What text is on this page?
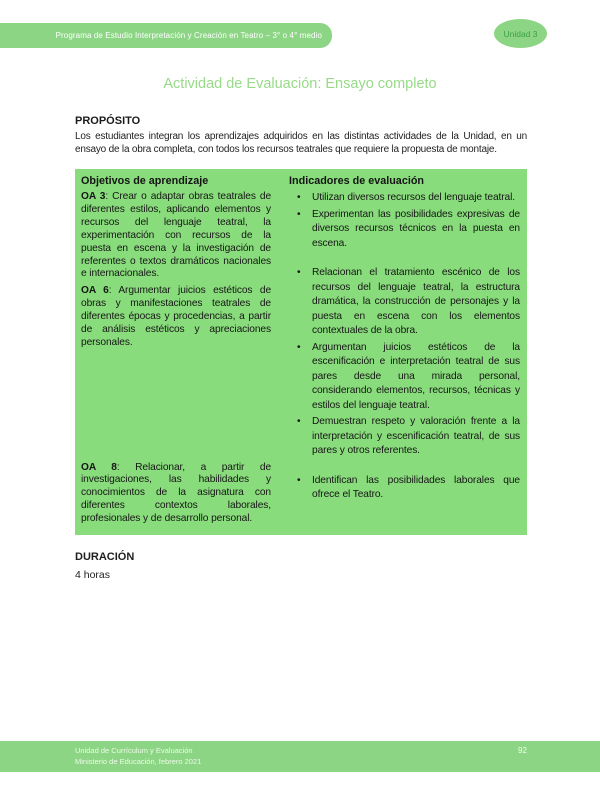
Programa de Estudio Interpretación y Creación en Teatro – 3° o 4° medio	Unidad 3
Actividad de Evaluación: Ensayo completo
PROPÓSITO

Los estudiantes integran los aprendizajes adquiridos en las distintas actividades de la Unidad, en un ensayo de la obra completa, con todos los recursos teatrales que requiere la propuesta de montaje.

Objetivos de aprendizaje

OA 3: Crear o adaptar obras teatrales de diferentes estilos, aplicando elementos y recursos del lenguaje teatral, la experimentación con recursos de la puesta en escena y la investigación de referentes o textos dramáticos nacionales e internacionales.

OA 6: Argumentar juicios estéticos de obras y manifestaciones teatrales de diferentes épocas y procedencias, a partir de análisis estéticos y apreciaciones personales.

OA 8: Relacionar, a partir de investigaciones, las habilidades y conocimientos de la asignatura con diferentes contextos laborales, profesionales y de desarrollo personal.

Indicadores de evaluación
•
Utilizan diversos recursos del lenguaje teatral.
•
Experimentan las posibilidades expresivas de diversos recursos técnicos en la puesta en escena.
•
Relacionan el tratamiento escénico de los recursos del lenguaje teatral, la estructura dramática, la construcción de personajes y la puesta en escena con los elementos contextuales de la obra.
•
Argumentan juicios estéticos de la escenificación e interpretación teatral de sus pares desde una mirada personal, considerando elementos, recursos, técnicas y estilos del lenguaje teatral.
•
Demuestran respeto y valoración frente a la interpretación y escenificación teatral, de sus pares y otros referentes.
•
Identifican las posibilidades laborales que ofrece el Teatro.
DURACIÓN
4 horas
Unidad de Currículum y Evaluación
Ministerio de Educación, febrero 2021
92
